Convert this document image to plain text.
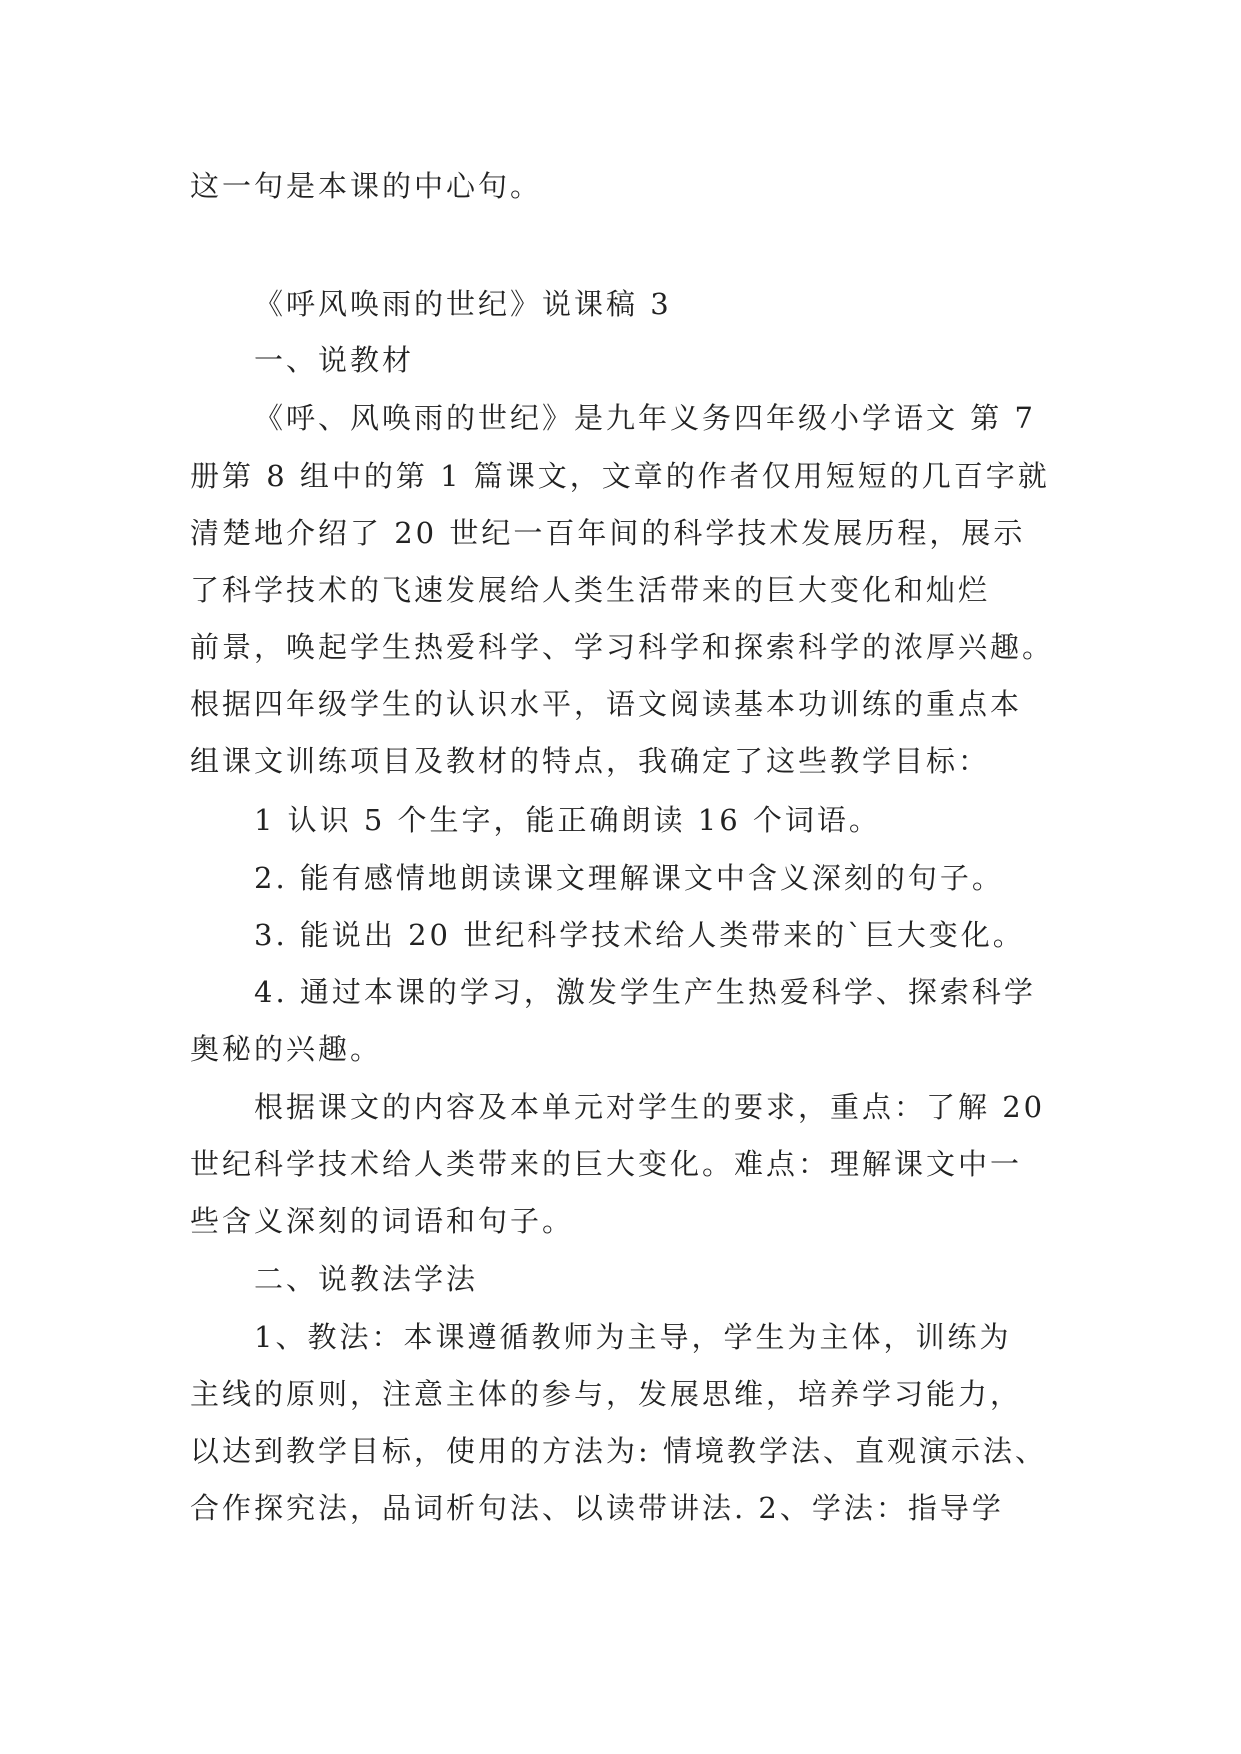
这一句是本课的中心句。
《呼风唤雨的世纪》说课稿 3
一、说教材
《呼、风唤雨的世纪》是九年义务四年级小学语文 第 7
册第 8 组中的第 1 篇课文，文章的作者仅用短短的几百字就
清楚地介绍了 20 世纪一百年间的科学技术发展历程，展示
了科学技术的飞速发展给人类生活带来的巨大变化和灿烂
前景，唤起学生热爱科学、学习科学和探索科学的浓厚兴趣。
根据四年级学生的认识水平，语文阅读基本功训练的重点本
组课文训练项目及教材的特点，我确定了这些教学目标：
1 认识 5 个生字，能正确朗读 16 个词语。
2. 能有感情地朗读课文理解课文中含义深刻的句子。
3. 能说出 20 世纪科学技术给人类带来的`巨大变化。
4. 通过本课的学习，激发学生产生热爱科学、探索科学
奥秘的兴趣。
根据课文的内容及本单元对学生的要求，重点：了解 20
世纪科学技术给人类带来的巨大变化。难点：理解课文中一
些含义深刻的词语和句子。
二、说教法学法
1、教法：本课遵循教师为主导，学生为主体，训练为
主线的原则，注意主体的参与，发展思维，培养学习能力，
以达到教学目标，使用的方法为: 情境教学法、直观演示法、
合作探究法，品词析句法、以读带讲法. 2、学法：指导学
